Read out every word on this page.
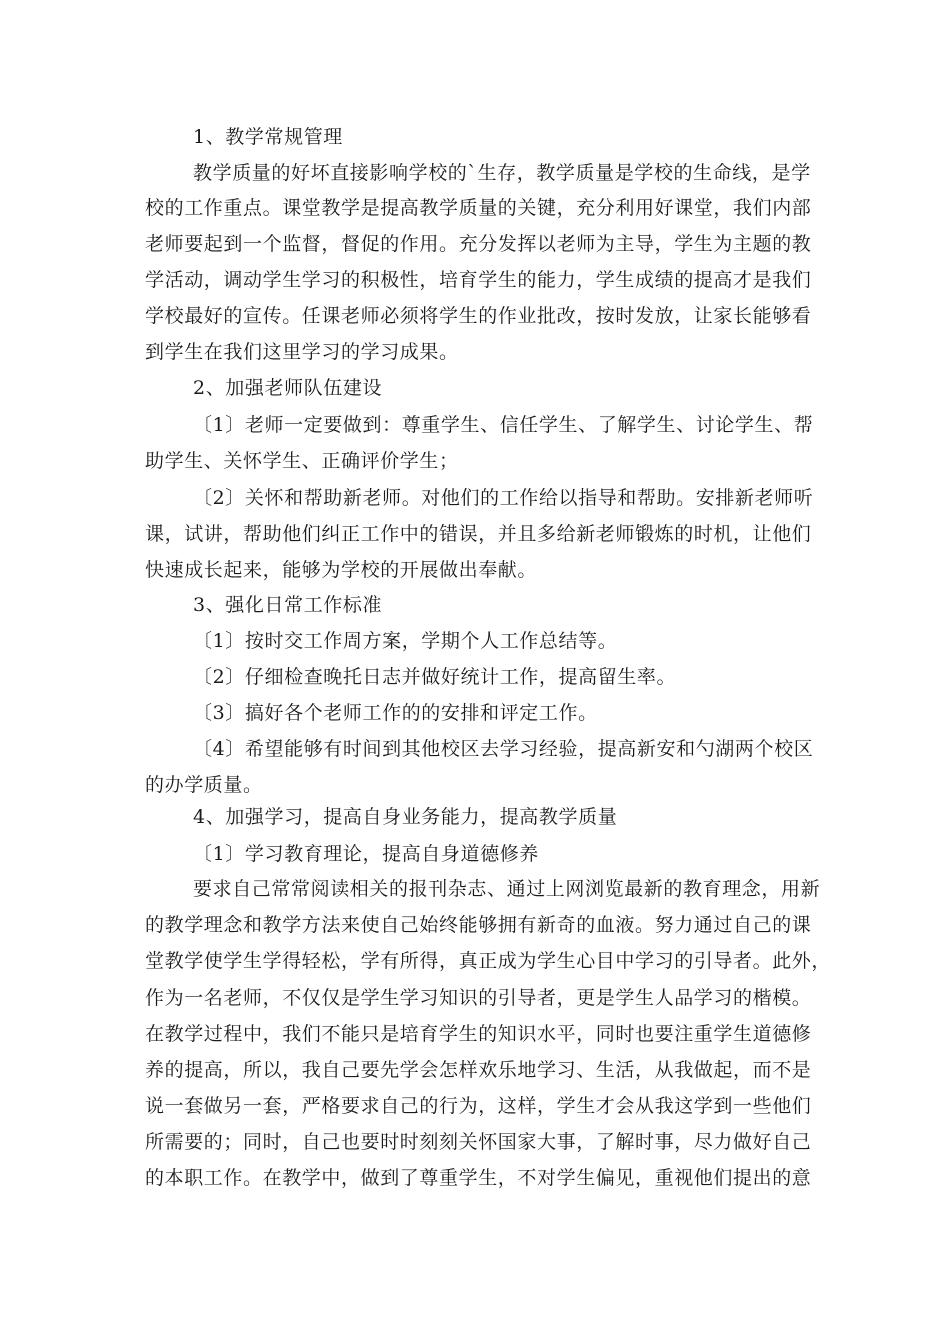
1、教学常规管理

教学质量的好坏直接影响学校的`生存，教学质量是学校的生命线，是学

校的工作重点。课堂教学是提高教学质量的关键，充分利用好课堂，我们内部

老师要起到一个监督，督促的作用。充分发挥以老师为主导，学生为主题的教

学活动，调动学生学习的积极性，培育学生的能力，学生成绩的提高才是我们

学校最好的宣传。任课老师必须将学生的作业批改，按时发放，让家长能够看

到学生在我们这里学习的学习成果。

2、加强老师队伍建设

〔1〕老师一定要做到：尊重学生、信任学生、了解学生、讨论学生、帮

助学生、关怀学生、正确评价学生；

〔2〕关怀和帮助新老师。对他们的工作给以指导和帮助。安排新老师听

课，试讲，帮助他们纠正工作中的错误，并且多给新老师锻炼的时机，让他们

快速成长起来，能够为学校的开展做出奉献。

3、强化日常工作标准

〔1〕按时交工作周方案，学期个人工作总结等。

〔2〕仔细检查晚托日志并做好统计工作，提高留生率。

〔3〕搞好各个老师工作的的安排和评定工作。

〔4〕希望能够有时间到其他校区去学习经验，提高新安和勺湖两个校区

的办学质量。

4、加强学习，提高自身业务能力，提高教学质量

〔1〕学习教育理论，提高自身道德修养

要求自己常常阅读相关的报刊杂志、通过上网浏览最新的教育理念，用新

的教学理念和教学方法来使自己始终能够拥有新奇的血液。努力通过自己的课

堂教学使学生学得轻松，学有所得，真正成为学生心目中学习的引导者。此外，

作为一名老师，不仅仅是学生学习知识的引导者，更是学生人品学习的楷模。

在教学过程中，我们不能只是培育学生的知识水平，同时也要注重学生道德修

养的提高，所以，我自己要先学会怎样欢乐地学习、生活，从我做起，而不是

说一套做另一套，严格要求自己的行为，这样，学生才会从我这学到一些他们

所需要的；同时，自己也要时时刻刻关怀国家大事，了解时事，尽力做好自己

的本职工作。在教学中，做到了尊重学生，不对学生偏见，重视他们提出的意
